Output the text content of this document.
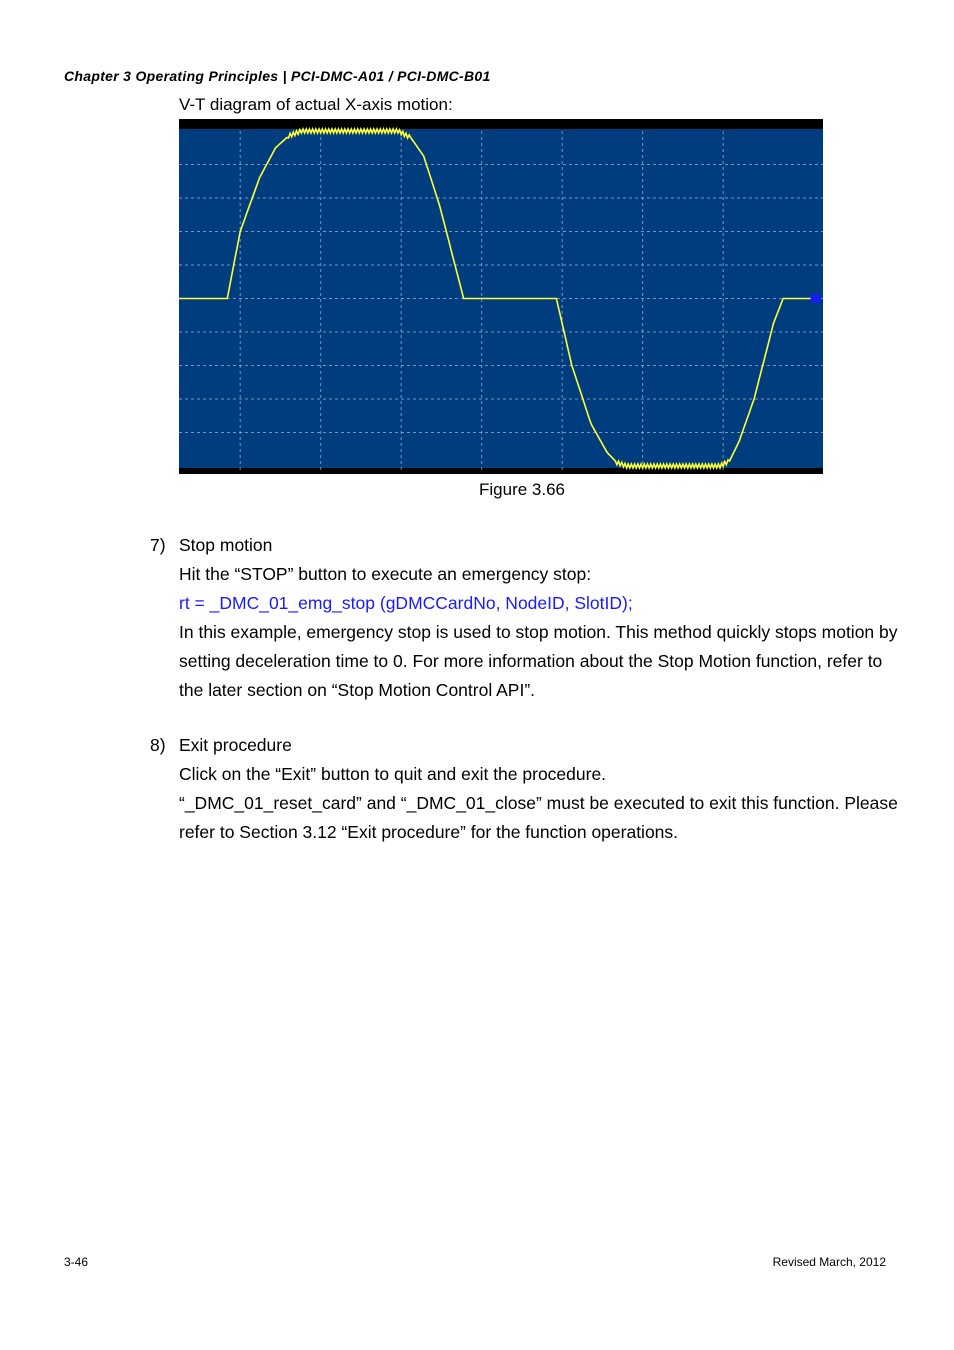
Chapter 3 Operating Principles | PCI-DMC-A01 / PCI-DMC-B01
V-T diagram of actual X-axis motion:
Figure 3.66
7) Stop motion

Hit the “STOP” button to execute an emergency stop:

rt = _DMC_01_emg_stop (gDMCCardNo, NodeID, SlotID);

In this example, emergency stop is used to stop motion. This method quickly stops motion by setting deceleration time to 0. For more information about the Stop Motion function, refer to the later section on “Stop Motion Control API”.

8) Exit procedure

Click on the “Exit” button to quit and exit the procedure.

“_DMC_01_reset_card” and “_DMC_01_close” must be executed to exit this function. Please refer to Section 3.12 “Exit procedure” for the function operations.

3-46	Revised March, 2012
